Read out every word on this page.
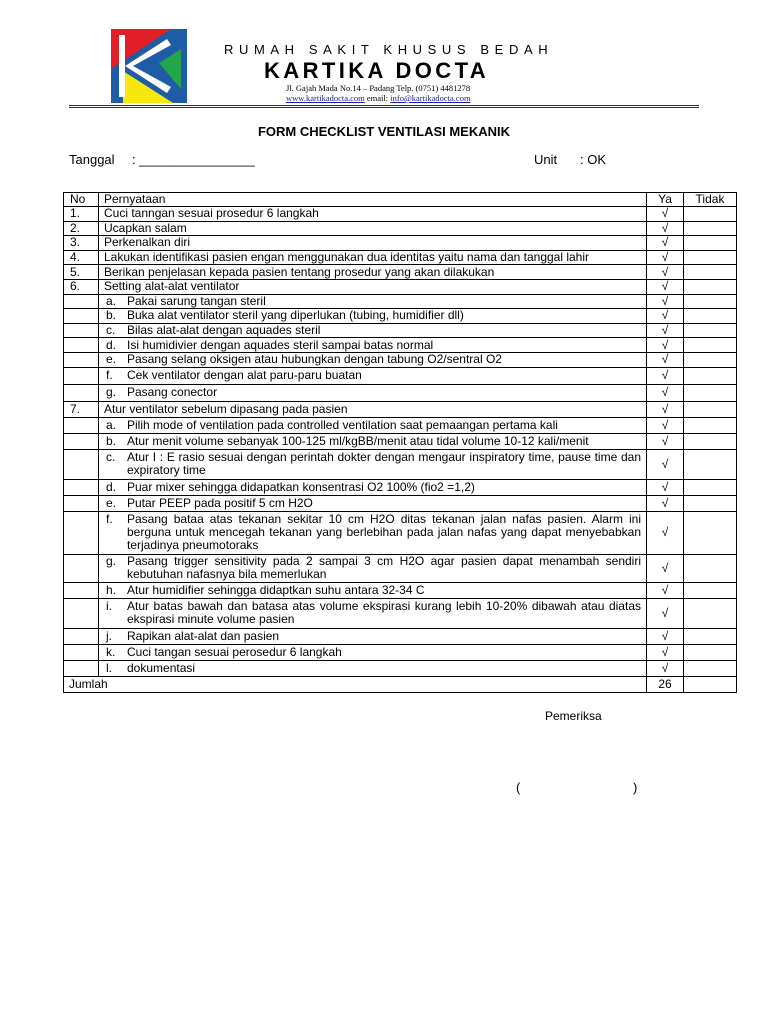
RUMAH SAKIT KHUSUS BEDAH
KARTIKA DOCTA
Jl. Gajah Mada No.14 – Padang Telp. (0751) 4481278
www.kartikadocta.com email: info@kartikadocta.com
FORM CHECKLIST VENTILASI MEKANIK
Tanggal : ________________	Unit : OK
No	Pernyataan	Ya	Tidak
1.	Cuci tanngan sesuai prosedur 6 langkah	√	
2.	Ucapkan salam	√	
3.	Perkenalkan diri	√	
4.	Lakukan identifikasi pasien engan menggunakan dua identitas yaitu nama dan tanggal lahir	√	
5.	Berikan penjelasan kepada pasien tentang prosedur yang akan dilakukan	√	
6.	Setting alat-alat ventilator	√	

	a. Pakai sarung tangan steril	√	

	b. Buka alat ventilator steril yang diperlukan (tubing, humidifier dll)	√	

	c. Bilas alat-alat dengan aquades steril	√	

	d. Isi humidivier dengan aquades steril sampai batas normal	√	

	e. Pasang selang oksigen atau hubungkan dengan tabung O2/sentral O2	√	

	f. Cek ventilator dengan alat paru-paru buatan	√	

	g. Pasang conector	√	
7.	Atur ventilator sebelum dipasang pada pasien	√	

	a. Pilih mode of ventilation pada controlled ventilation saat pemaangan pertama kali	√	

	b. Atur menit volume sebanyak 100-125 ml/kgBB/menit atau tidal volume 10-12 kali/menit	√	

	c. Atur I : E rasio sesuai dengan perintah dokter dengan mengaur inspiratory time, pause time dan expiratory time	√	

	d. Puar mixer sehingga didapatkan konsentrasi O2 100% (fio2 =1,2)	√	

	e. Putar PEEP pada positif 5 cm H2O	√	

	f. Pasang bataa atas tekanan sekitar 10 cm H2O ditas tekanan jalan nafas pasien. Alarm ini berguna untuk mencegah tekanan yang berlebihan pada jalan nafas yang dapat menyebabkan terjadinya pneumotoraks	√	

	g. Pasang trigger sensitivity pada 2 sampai 3 cm H2O agar pasien dapat menambah sendiri kebutuhan nafasnya bila memerlukan	√	

	h. Atur humidifier sehingga didaptkan suhu antara 32-34 C	√	

	i. Atur batas bawah dan batasa atas volume ekspirasi kurang lebih 10-20% dibawah atau diatas ekspirasi minute volume pasien	√	

	j. Rapikan alat-alat dan pasien	√	

	k. Cuci tangan sesuai perosedur 6 langkah	√	

	l. dokumentasi	√	
Jumlah		26	
Pemeriksa
(	)
